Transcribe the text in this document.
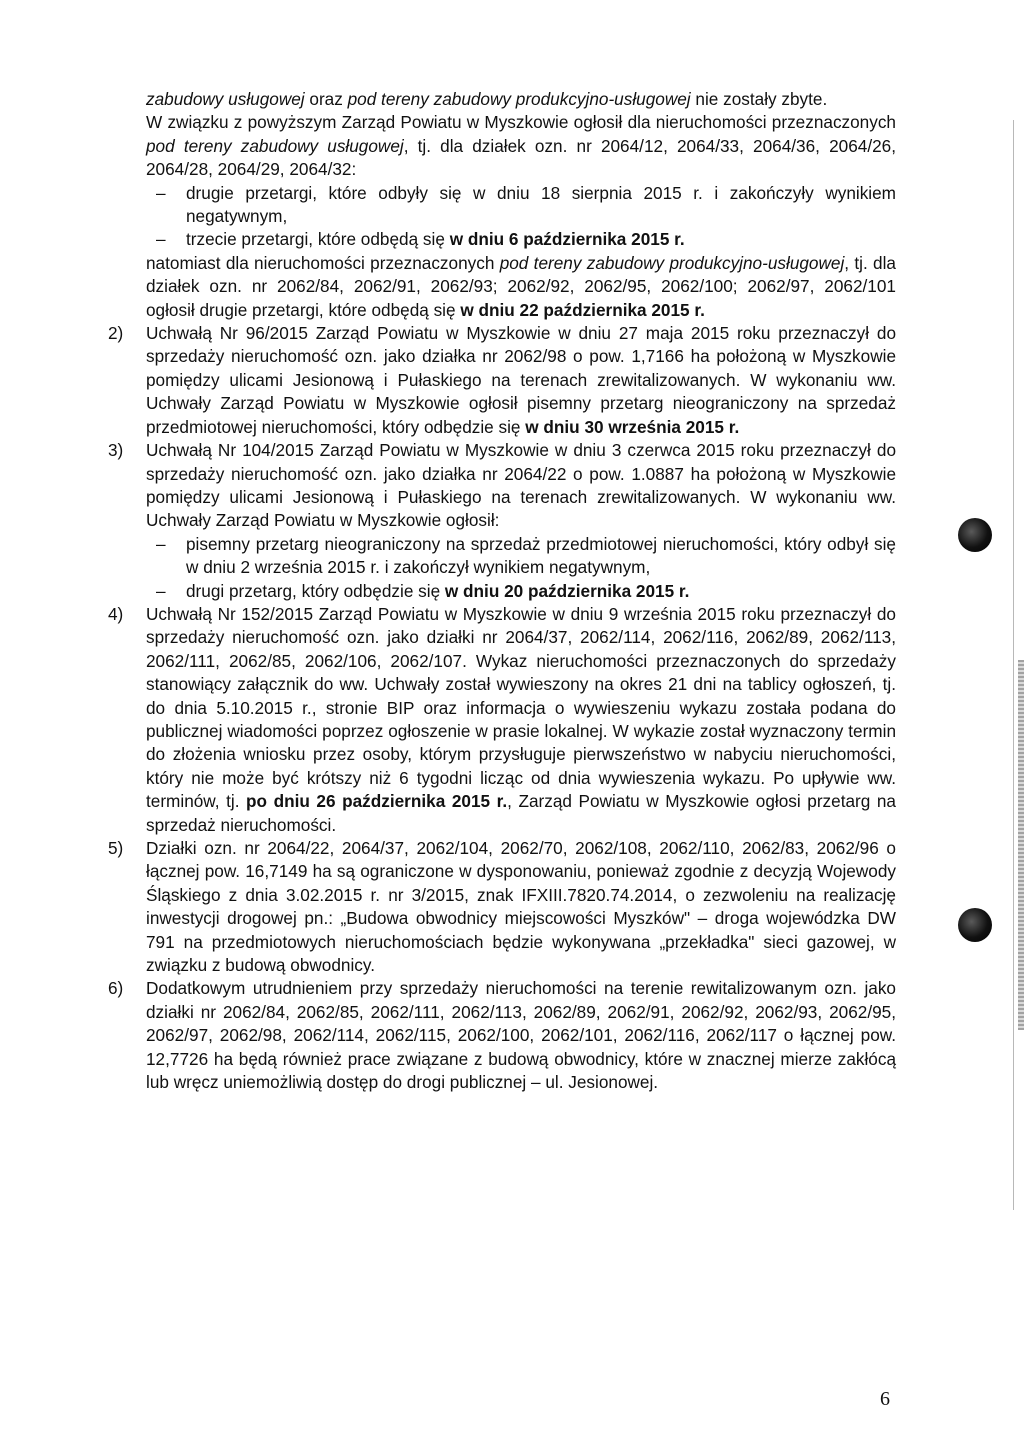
zabudowy usługowej oraz pod tereny zabudowy produkcyjno-usługowej nie zostały zbyte.

W związku z powyższym Zarząd Powiatu w Myszkowie ogłosił dla nieruchomości przeznaczonych pod tereny zabudowy usługowej, tj. dla działek ozn. nr 2064/12, 2064/33, 2064/36, 2064/26, 2064/28, 2064/29, 2064/32:

– drugie przetargi, które odbyły się w dniu 18 sierpnia 2015 r. i zakończyły wynikiem negatywnym,
– trzecie przetargi, które odbędą się w dniu 6 października 2015 r.

natomiast dla nieruchomości przeznaczonych pod tereny zabudowy produkcyjno-usługowej, tj. dla działek ozn. nr 2062/84, 2062/91, 2062/93; 2062/92, 2062/95, 2062/100; 2062/97, 2062/101 ogłosił drugie przetargi, które odbędą się w dniu 22 października 2015 r.

2) Uchwałą Nr 96/2015 Zarząd Powiatu w Myszkowie w dniu 27 maja 2015 roku przeznaczył do sprzedaży nieruchomość ozn. jako działka nr 2062/98 o pow. 1,7166 ha położoną w Myszkowie pomiędzy ulicami Jesionową i Pułaskiego na terenach zrewitalizowanych. W wykonaniu ww. Uchwały Zarząd Powiatu w Myszkowie ogłosił pisemny przetarg nieograniczony na sprzedaż przedmiotowej nieruchomości, który odbędzie się w dniu 30 września 2015 r.
3) Uchwałą Nr 104/2015 Zarząd Powiatu w Myszkowie w dniu 3 czerwca 2015 roku przeznaczył do sprzedaży nieruchomość ozn. jako działka nr 2064/22 o pow. 1.0887 ha położoną w Myszkowie pomiędzy ulicami Jesionową i Pułaskiego na terenach zrewitalizowanych. W wykonaniu ww. Uchwały Zarząd Powiatu w Myszkowie ogłosił:
– pisemny przetarg nieograniczony na sprzedaż przedmiotowej nieruchomości, który odbył się w dniu 2 września 2015 r. i zakończył wynikiem negatywnym,
– drugi przetarg, który odbędzie się w dniu 20 października 2015 r.
4) Uchwałą Nr 152/2015 Zarząd Powiatu w Myszkowie w dniu 9 września 2015 roku przeznaczył do sprzedaży nieruchomość ozn. jako działki nr 2064/37, 2062/114, 2062/116, 2062/89, 2062/113, 2062/111, 2062/85, 2062/106, 2062/107. Wykaz nieruchomości przeznaczonych do sprzedaży stanowiący załącznik do ww. Uchwały został wywieszony na okres 21 dni na tablicy ogłoszeń, tj. do dnia 5.10.2015 r., stronie BIP oraz informacja o wywieszeniu wykazu została podana do publicznej wiadomości poprzez ogłoszenie w prasie lokalnej. W wykazie został wyznaczony termin do złożenia wniosku przez osoby, którym przysługuje pierwszeństwo w nabyciu nieruchomości, który nie może być krótszy niż 6 tygodni licząc od dnia wywieszenia wykazu. Po upływie ww. terminów, tj. po dniu 26 października 2015 r., Zarząd Powiatu w Myszkowie ogłosi przetarg na sprzedaż nieruchomości.
5) Działki ozn. nr 2064/22, 2064/37, 2062/104, 2062/70, 2062/108, 2062/110, 2062/83, 2062/96 o łącznej pow. 16,7149 ha są ograniczone w dysponowaniu, ponieważ zgodnie z decyzją Wojewody Śląskiego z dnia 3.02.2015 r. nr 3/2015, znak IFXIII.7820.74.2014, o zezwoleniu na realizację inwestycji drogowej pn.: „Budowa obwodnicy miejscowości Myszków" – droga wojewódzka DW 791 na przedmiotowych nieruchomościach będzie wykonywana „przekładka" sieci gazowej, w związku z budową obwodnicy.
6) Dodatkowym utrudnieniem przy sprzedaży nieruchomości na terenie rewitalizowanym ozn. jako działki nr 2062/84, 2062/85, 2062/111, 2062/113, 2062/89, 2062/91, 2062/92, 2062/93, 2062/95, 2062/97, 2062/98, 2062/114, 2062/115, 2062/100, 2062/101, 2062/116, 2062/117 o łącznej pow. 12,7726 ha będą również prace związane z budową obwodnicy, które w znacznej mierze zakłócą lub wręcz uniemożliwią dostęp do drogi publicznej – ul. Jesionowej.
6
